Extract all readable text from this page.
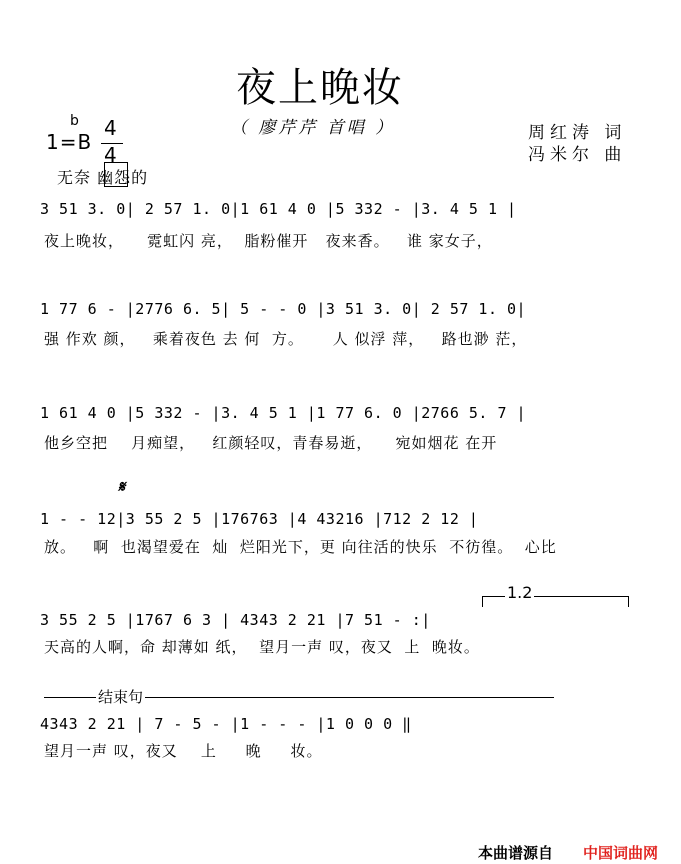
夜上晚妆
（ 廖芹芹 首唱 ）	周红涛 词
冯米尔 曲
1=B
b 4
4
无奈 幽怨的
3 51 3. 0| 2 57 1. 0|1 61 4 0 |5 332 - |3. 4 5 1 |
夜上晚妆，    霓虹闪 亮，  脂粉催开   夜来香。   谁 家女子，
1 77 6 - |2776 6. 5| 5 - - 0 |3 51 3. 0| 2 57 1. 0|
强 作欢 颜，   乘着夜色 去 何  方。     人 似浮 萍，   路也渺 茫，
1 61 4 0 |5 332 - |3. 4 5 1 |1 77 6. 0 |2766 5. 7 |
他乡空把    月痴望，   红颜轻叹，青春易逝，    宛如烟花 在开
𝄋
1 - - 12|3 55 2 5 |176763 |4 43216 |712 2 12 |
放。   啊  也渴望爱在  灿  烂阳光下，更 向往活的快乐  不彷徨。  心比
1.2
3 55 2 5 |1767 6 3 | 4343 2 21 |7 51 - :|
天高的人啊，命 却薄如 纸，  望月一声 叹，夜又  上  晚妆。
结束句
4343 2 21 | 7 - 5 - |1 - - - |1 0 0 0 ‖
望月一声 叹，夜又    上     晚     妆。
本曲谱源自 中国词曲网
